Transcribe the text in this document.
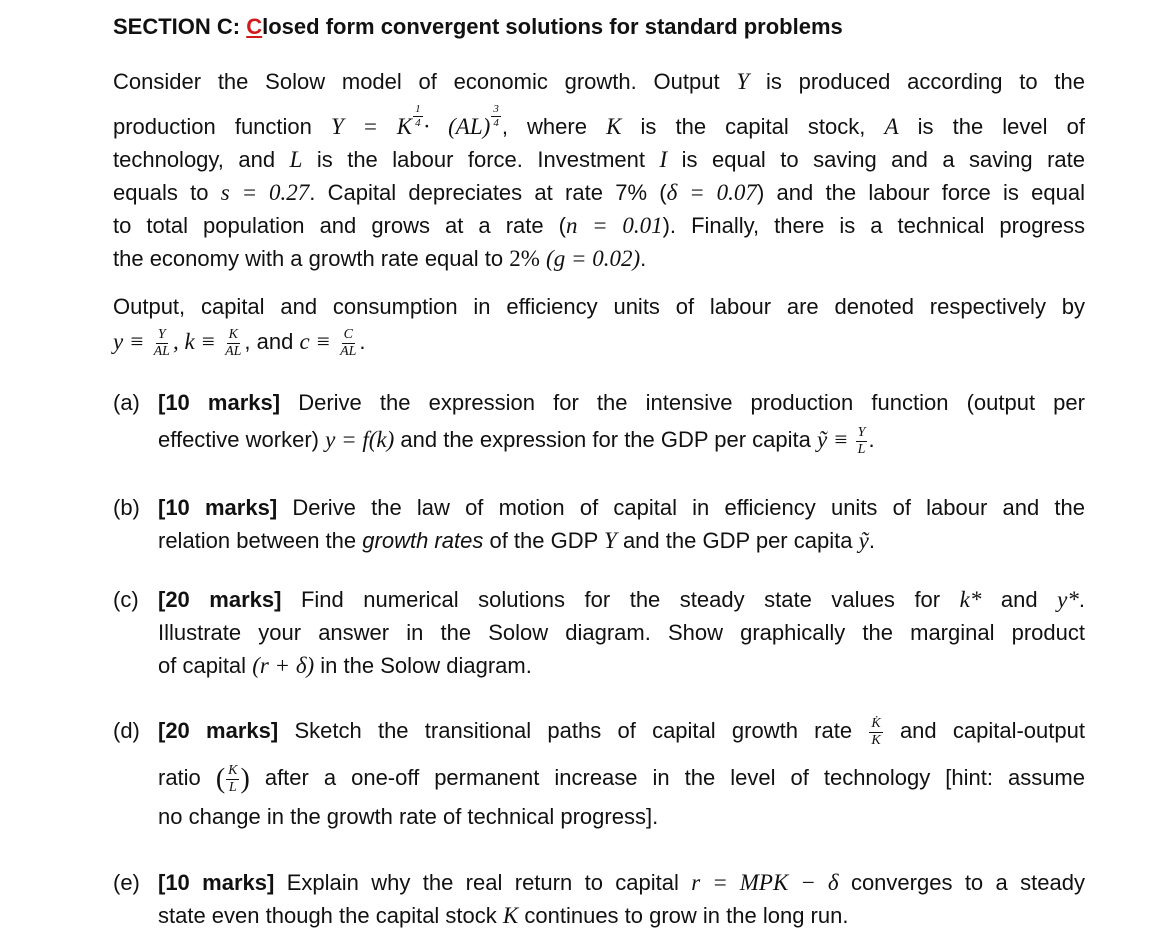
SECTION C: Closed form convergent solutions for standard problems
Consider the Solow model of economic growth. Output Y is produced according to the
production function Y = K $\frac{1}{4} \cdot (AL) \frac{3}{4}$ , where K is the capital stock, A is the level of
technology, and L is the labour force. Investment I is equal to saving and a saving rate
equals to s = 0.27. Capital depreciates at rate 7% (δ = 0.07) and the labour force is equal
to total population and grows at a rate (n = 0.01). Finally, there is a technical progress
the economy with a growth rate equal to 2% (g = 0.02).
Output, capital and consumption in efficiency units of labour are denoted respectively by
$y \equiv \frac{Y}{AL}$ , $k \equiv \frac{K}{AL}$ , and $c \equiv \frac{C}{AL}$ .
(a) [10 marks] Derive the expression for the intensive production function (output per
effective worker) y = f(k) and the expression for the GDP per capita ỹ ≡ $\frac{Y}{L}$ .
(b) [10 marks] Derive the law of motion of capital in efficiency units of labour and the
relation between the growth rates of the GDP Y and the GDP per capita ỹ.
(c) [20 marks] Find numerical solutions for the steady state values for k* and y*.
Illustrate your answer in the Solow diagram. Show graphically the marginal product
of capital (r + δ) in the Solow diagram.
(d) [20 marks] Sketch the transitional paths of capital growth rate $\frac{K̇}{K}$ and capital-output
ratio ( $\frac{K}{L}$ ) after a one-off permanent increase in the level of technology [hint: assume
no change in the growth rate of technical progress].
(e) [10 marks] Explain why the real return to capital r = MPK − δ converges to a steady
state even though the capital stock K continues to grow in the long run.
